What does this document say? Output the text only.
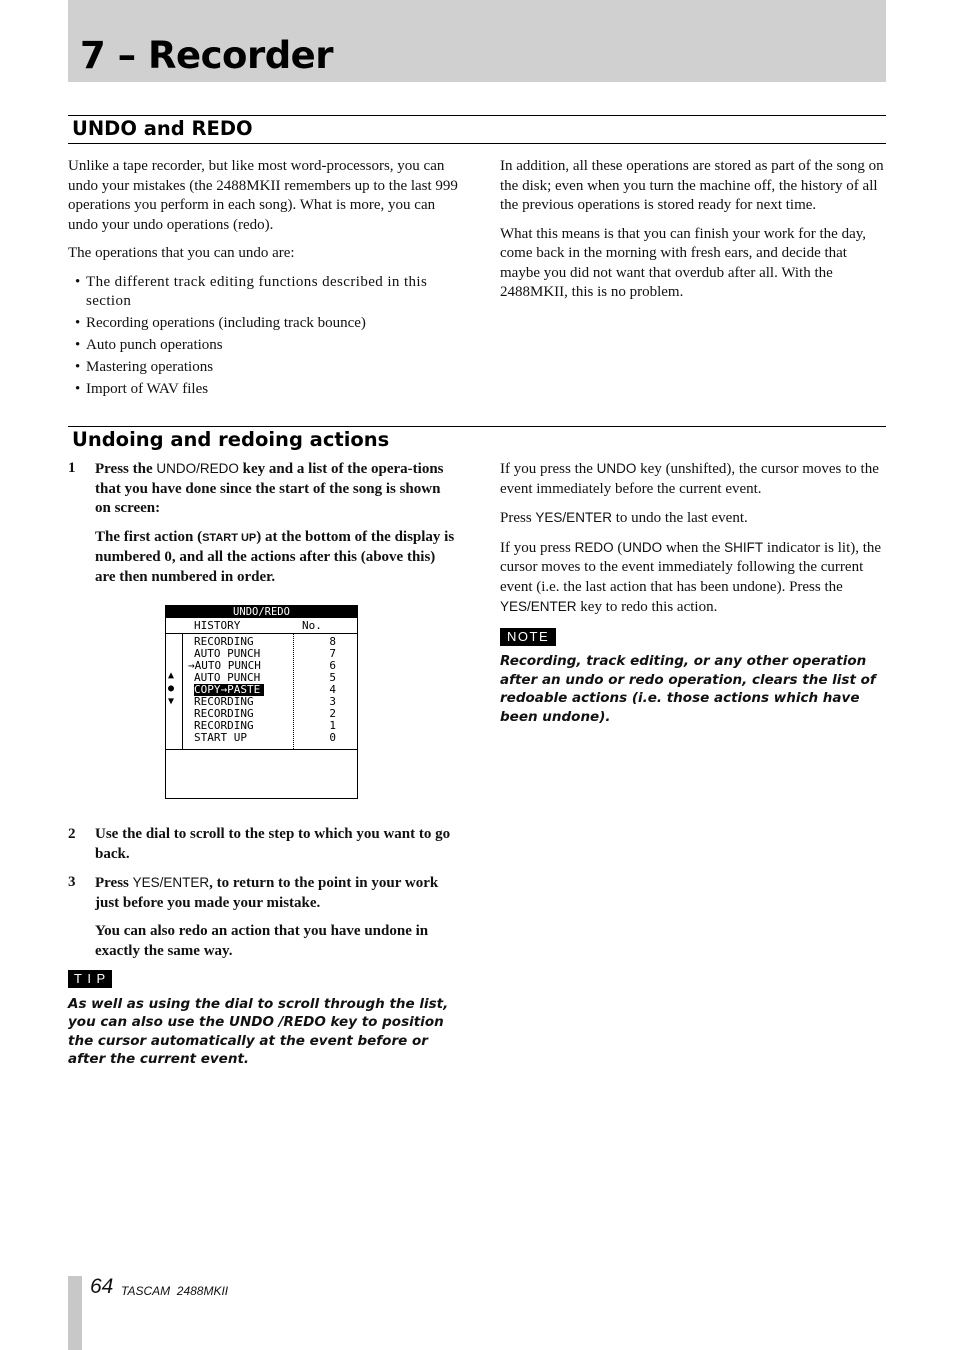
7 – Recorder
UNDO and REDO

Unlike a tape recorder, but like most word-processors, you can undo your mistakes (the 2488MKII remembers up to the last 999 operations you perform in each song). What is more, you can undo your undo operations (redo).

The operations that you can undo are:

• The different track editing functions described in this section
• Recording operations (including track bounce)
• Auto punch operations
• Mastering operations
• Import of WAV files

In addition, all these operations are stored as part of the song on the disk; even when you turn the machine off, the history of all the previous operations is stored ready for next time.

What this means is that you can finish your work for the day, come back in the morning with fresh ears, and decide that maybe you did not want that overdub after all. With the 2488MKII, this is no problem.

Undoing and redoing actions

1 Press the UNDO/REDO key and a list of the opera-tions that you have done since the start of the song is shown on screen:

The first action (START UP) at the bottom of the display is numbered 0, and all the actions after this (above this) are then numbered in order.

UNDO/REDO
HISTORY	No.
▲
●
▼
RECORDING	8
AUTO PUNCH	7
→AUTO PUNCH	6
AUTO PUNCH	5
COPY→PASTE	4
RECORDING	3
RECORDING	2
RECORDING	1
START UP	0

2 Use the dial to scroll to the step to which you want to go back.

3 Press YES/ENTER, to return to the point in your work just before you made your mistake.

You can also redo an action that you have undone in exactly the same way.

T I P
As well as using the dial to scroll through the list, you can also use the UNDO /REDO key to position the cursor automatically at the event before or after the current event.

If you press the UNDO key (unshifted), the cursor moves to the event immediately before the current event.

Press YES/ENTER to undo the last event.

If you press REDO (UNDO when the SHIFT indicator is lit), the cursor moves to the event immediately following the current event (i.e. the last action that has been undone). Press the YES/ENTER key to redo this action.

NOTE
Recording, track editing, or any other operation after an undo or redo operation, clears the list of redoable actions (i.e. those actions which have been undone).
64 TASCAM  2488MKII
